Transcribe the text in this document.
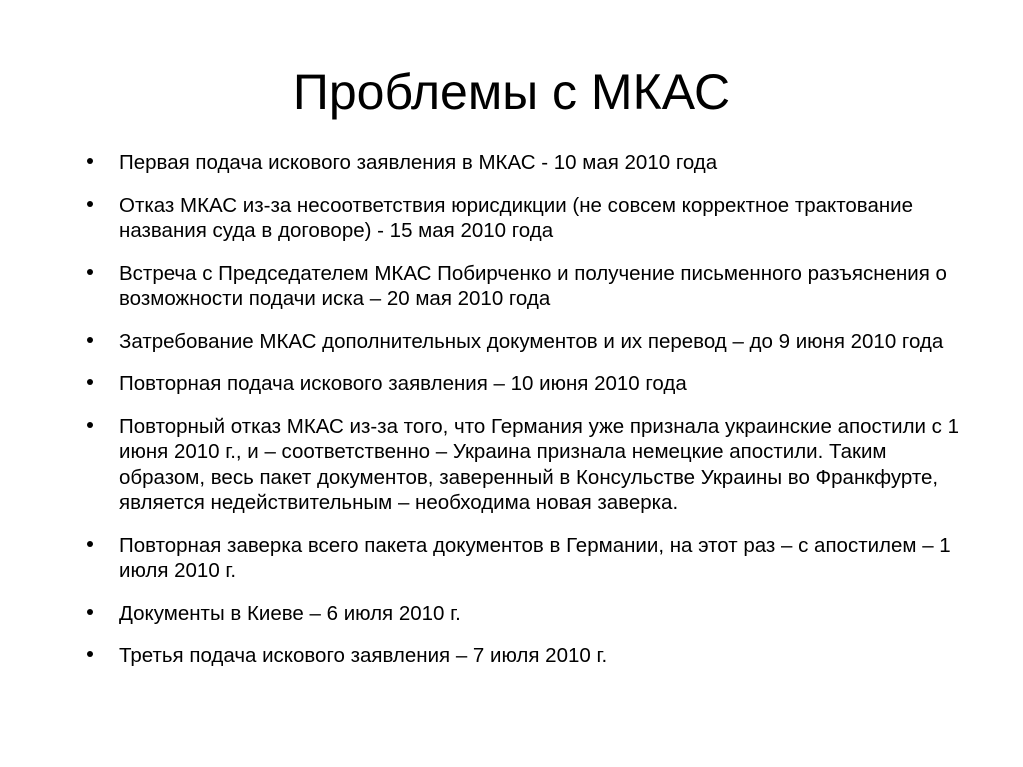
Проблемы с МКАС
Первая подача искового заявления в МКАС - 10 мая 2010 года
Отказ МКАС из-за несоответствия юрисдикции (не совсем корректное трактование названия суда в договоре) - 15 мая 2010 года
Встреча с Председателем МКАС Побирченко и получение письменного разъяснения о возможности подачи иска – 20 мая 2010 года
Затребование МКАС дополнительных документов и их перевод – до 9 июня 2010 года
Повторная подача искового заявления – 10 июня 2010 года
Повторный отказ МКАС из-за того, что Германия уже признала украинские апостили с 1 июня 2010 г., и – соответственно – Украина признала немецкие апостили. Таким образом, весь пакет документов, заверенный в Консульстве Украины во Франкфурте, является недействительным – необходима новая заверка.
Повторная заверка всего пакета документов в Германии, на этот раз – с апостилем – 1 июля 2010 г.
Документы в Киеве – 6 июля 2010 г.
Третья подача искового заявления – 7 июля 2010 г.
